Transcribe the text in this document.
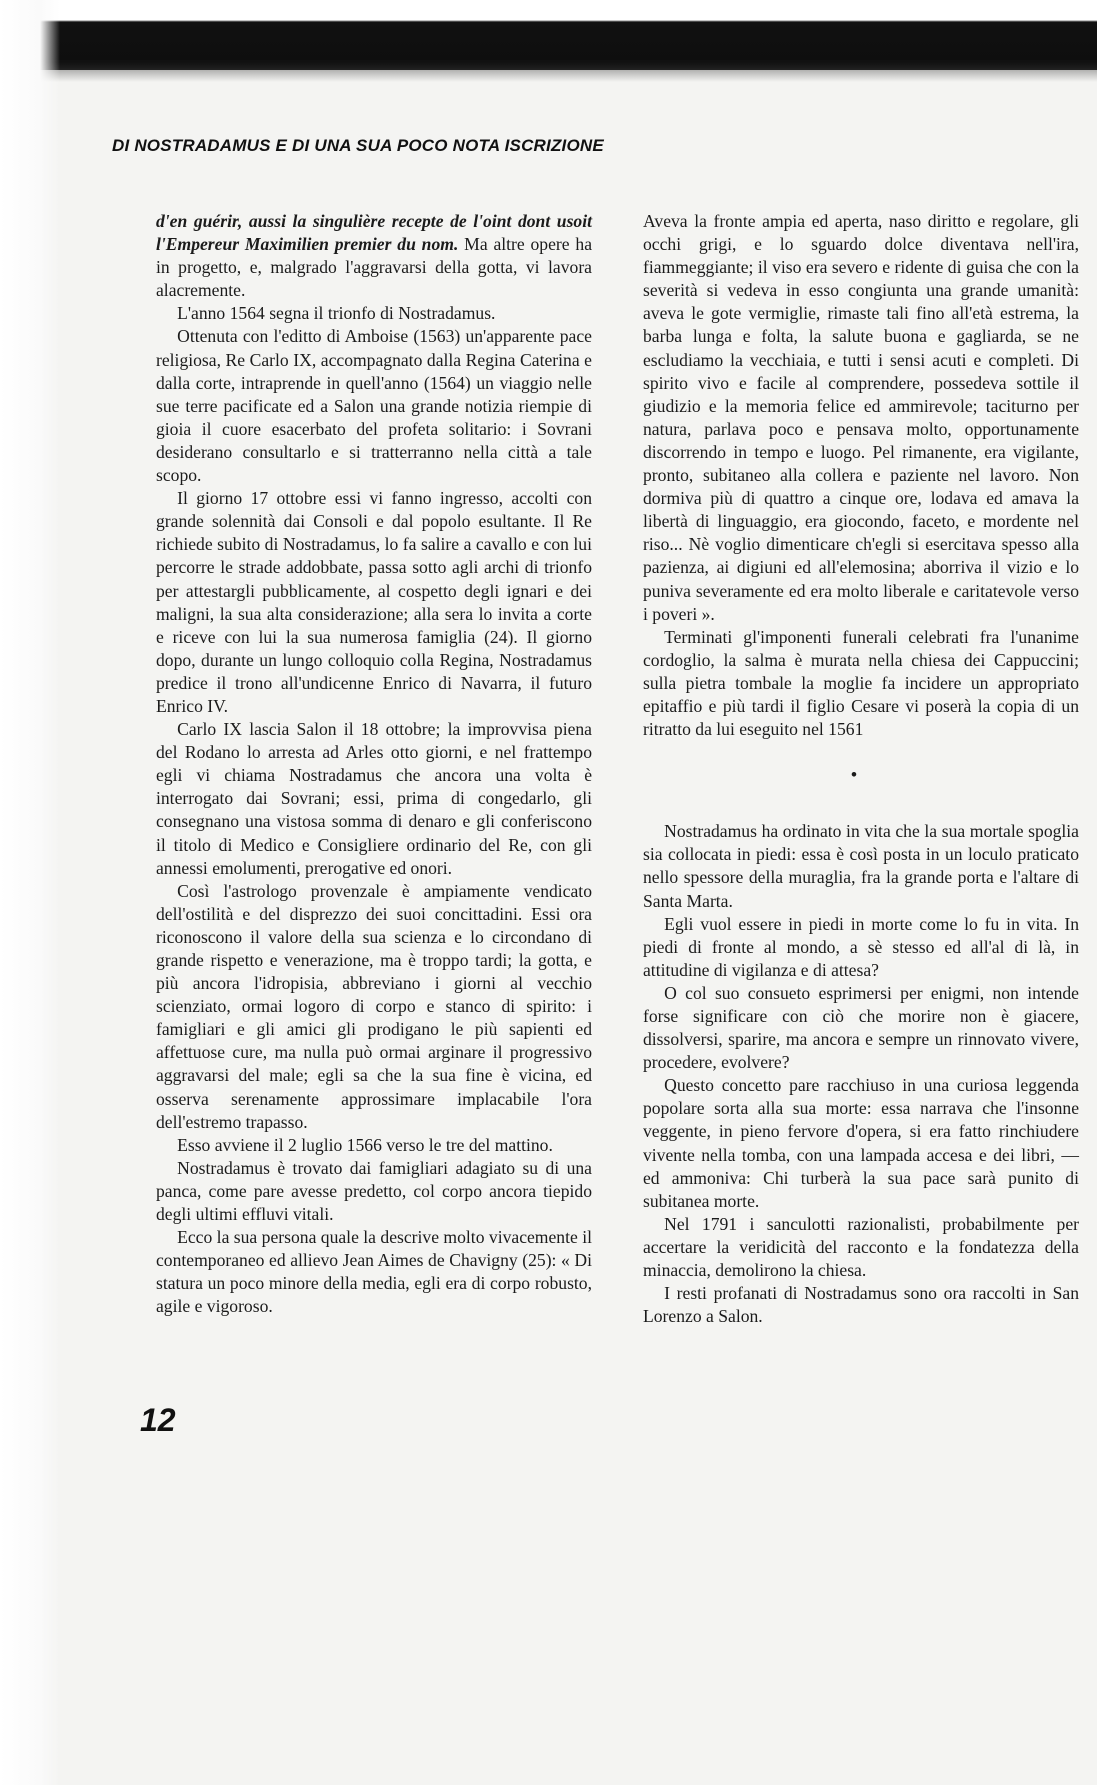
DI NOSTRADAMUS E DI UNA SUA POCO NOTA ISCRIZIONE

d'en guérir, aussi la singulière recepte de l'oint dont usoit l'Empereur Maximilien premier du nom. Ma altre opere ha in progetto, e, malgrado l'aggravarsi della gotta, vi lavora alacremente.

L'anno 1564 segna il trionfo di Nostradamus.

Ottenuta con l'editto di Amboise (1563) un'apparente pace religiosa, Re Carlo IX, accompagnato dalla Regina Caterina e dalla corte, intraprende in quell'anno (1564) un viaggio nelle sue terre pacificate ed a Salon una grande notizia riempie di gioia il cuore esacerbato del profeta solitario: i Sovrani desiderano consultarlo e si tratterranno nella città a tale scopo.

Il giorno 17 ottobre essi vi fanno ingresso, accolti con grande solennità dai Consoli e dal popolo esultante. Il Re richiede subito di Nostradamus, lo fa salire a cavallo e con lui percorre le strade addobbate, passa sotto agli archi di trionfo per attestargli pubblicamente, al cospetto degli ignari e dei maligni, la sua alta considerazione; alla sera lo invita a corte e riceve con lui la sua numerosa famiglia (24). Il giorno dopo, durante un lungo colloquio colla Regina, Nostradamus predice il trono all'undicenne Enrico di Navarra, il futuro Enrico IV.

Carlo IX lascia Salon il 18 ottobre; la improvvisa piena del Rodano lo arresta ad Arles otto giorni, e nel frattempo egli vi chiama Nostradamus che ancora una volta è interrogato dai Sovrani; essi, prima di congedarlo, gli consegnano una vistosa somma di denaro e gli conferiscono il titolo di Medico e Consigliere ordinario del Re, con gli annessi emolumenti, prerogative ed onori.

Così l'astrologo provenzale è ampiamente vendicato dell'ostilità e del disprezzo dei suoi concittadini. Essi ora riconoscono il valore della sua scienza e lo circondano di grande rispetto e venerazione, ma è troppo tardi; la gotta, e più ancora l'idropisia, abbreviano i giorni al vecchio scienziato, ormai logoro di corpo e stanco di spirito: i famigliari e gli amici gli prodigano le più sapienti ed affettuose cure, ma nulla può ormai arginare il progressivo aggravarsi del male; egli sa che la sua fine è vicina, ed osserva serenamente approssimare implacabile l'ora dell'estremo trapasso.

Esso avviene il 2 luglio 1566 verso le tre del mattino.

Nostradamus è trovato dai famigliari adagiato su di una panca, come pare avesse predetto, col corpo ancora tiepido degli ultimi effluvi vitali.

Ecco la sua persona quale la descrive molto vivacemente il contemporaneo ed allievo Jean Aimes de Chavigny (25): « Di statura un poco minore della media, egli era di corpo robusto, agile e vigoroso.

Aveva la fronte ampia ed aperta, naso diritto e regolare, gli occhi grigi, e lo sguardo dolce diventava nell'ira, fiammeggiante; il viso era severo e ridente di guisa che con la severità si vedeva in esso congiunta una grande umanità: aveva le gote vermiglie, rimaste tali fino all'età estrema, la barba lunga e folta, la salute buona e gagliarda, se ne escludiamo la vecchiaia, e tutti i sensi acuti e completi. Di spirito vivo e facile al comprendere, possedeva sottile il giudizio e la memoria felice ed ammirevole; taciturno per natura, parlava poco e pensava molto, opportunamente discorrendo in tempo e luogo. Pel rimanente, era vigilante, pronto, subitaneo alla collera e paziente nel lavoro. Non dormiva più di quattro a cinque ore, lodava ed amava la libertà di linguaggio, era giocondo, faceto, e mordente nel riso... Nè voglio dimenticare ch'egli si esercitava spesso alla pazienza, ai digiuni ed all'elemosina; aborriva il vizio e lo puniva severamente ed era molto liberale e caritatevole verso i poveri ».

Terminati gl'imponenti funerali celebrati fra l'unanime cordoglio, la salma è murata nella chiesa dei Cappuccini; sulla pietra tombale la moglie fa incidere un appropriato epitaffio e più tardi il figlio Cesare vi poserà la copia di un ritratto da lui eseguito nel 1561

•

Nostradamus ha ordinato in vita che la sua mortale spoglia sia collocata in piedi: essa è così posta in un loculo praticato nello spessore della muraglia, fra la grande porta e l'altare di Santa Marta.

Egli vuol essere in piedi in morte come lo fu in vita. In piedi di fronte al mondo, a sè stesso ed all'al di là, in attitudine di vigilanza e di attesa?

O col suo consueto esprimersi per enigmi, non intende forse significare con ciò che morire non è giacere, dissolversi, sparire, ma ancora e sempre un rinnovato vivere, procedere, evolvere?

Questo concetto pare racchiuso in una curiosa leggenda popolare sorta alla sua morte: essa narrava che l'insonne veggente, in pieno fervore d'opera, si era fatto rinchiudere vivente nella tomba, con una lampada accesa e dei libri, — ed ammoniva: Chi turberà la sua pace sarà punito di subitanea morte.

Nel 1791 i sanculotti razionalisti, probabilmente per accertare la veridicità del racconto e la fondatezza della minaccia, demolirono la chiesa.

I resti profanati di Nostradamus sono ora raccolti in San Lorenzo a Salon.

12
